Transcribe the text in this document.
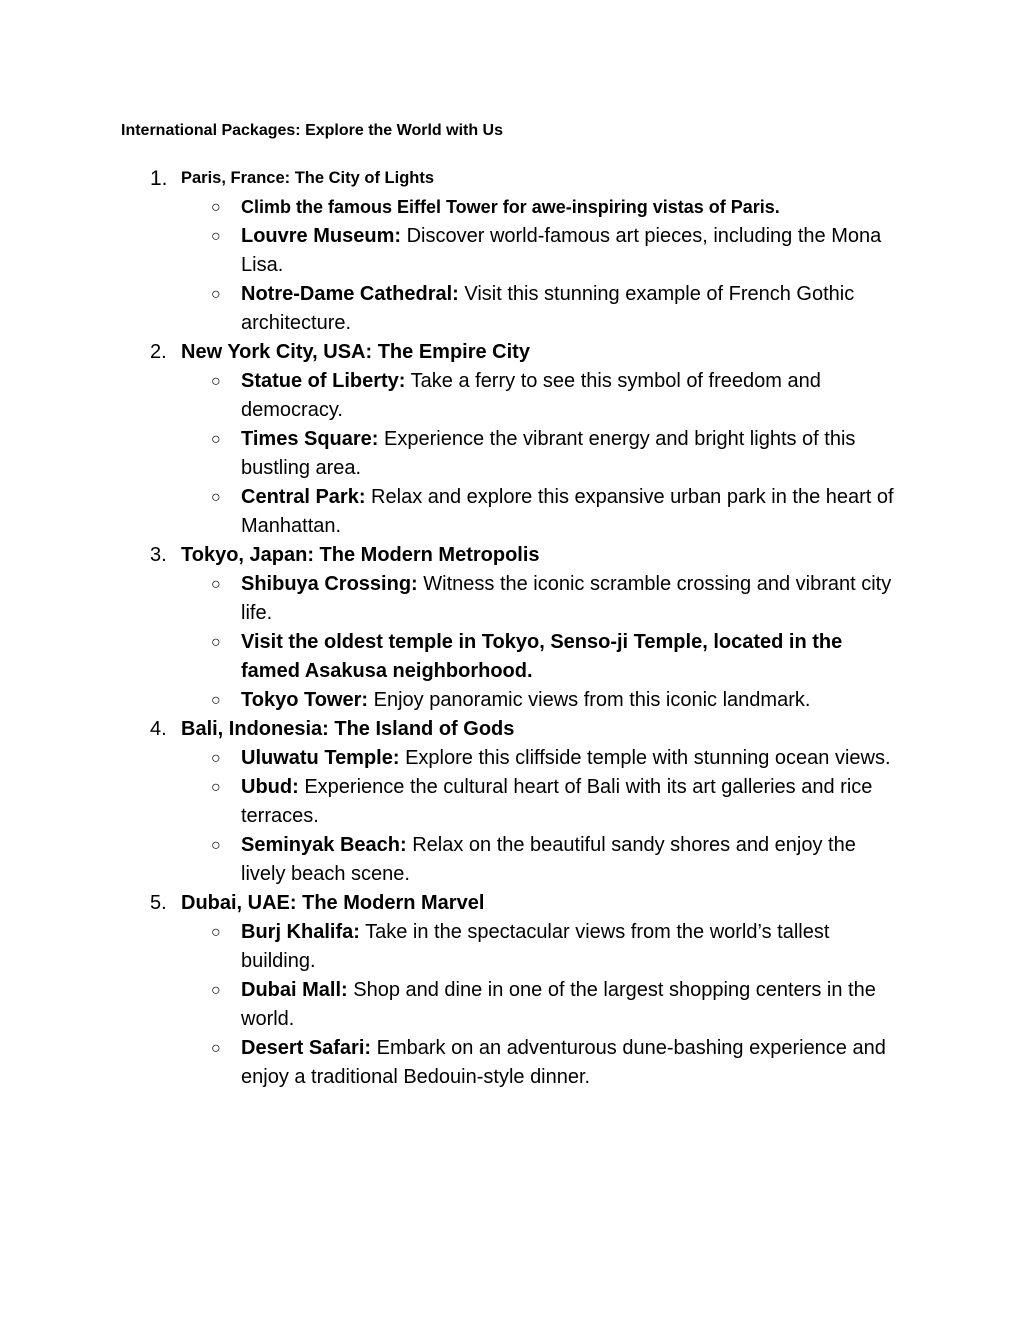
International Packages: Explore the World with Us
1. Paris, France: The City of Lights
○ Climb the famous Eiffel Tower for awe-inspiring vistas of Paris.
○ Louvre Museum: Discover world-famous art pieces, including the Mona Lisa.
○ Notre-Dame Cathedral: Visit this stunning example of French Gothic architecture.
2. New York City, USA: The Empire City
○ Statue of Liberty: Take a ferry to see this symbol of freedom and democracy.
○ Times Square: Experience the vibrant energy and bright lights of this bustling area.
○ Central Park: Relax and explore this expansive urban park in the heart of Manhattan.
3. Tokyo, Japan: The Modern Metropolis
○ Shibuya Crossing: Witness the iconic scramble crossing and vibrant city life.
○ Visit the oldest temple in Tokyo, Senso-ji Temple, located in the famed Asakusa neighborhood.
○ Tokyo Tower: Enjoy panoramic views from this iconic landmark.
4. Bali, Indonesia: The Island of Gods
○ Uluwatu Temple: Explore this cliffside temple with stunning ocean views.
○ Ubud: Experience the cultural heart of Bali with its art galleries and rice terraces.
○ Seminyak Beach: Relax on the beautiful sandy shores and enjoy the lively beach scene.
5. Dubai, UAE: The Modern Marvel
○ Burj Khalifa: Take in the spectacular views from the world’s tallest building.
○ Dubai Mall: Shop and dine in one of the largest shopping centers in the world.
○ Desert Safari: Embark on an adventurous dune-bashing experience and enjoy a traditional Bedouin-style dinner.
